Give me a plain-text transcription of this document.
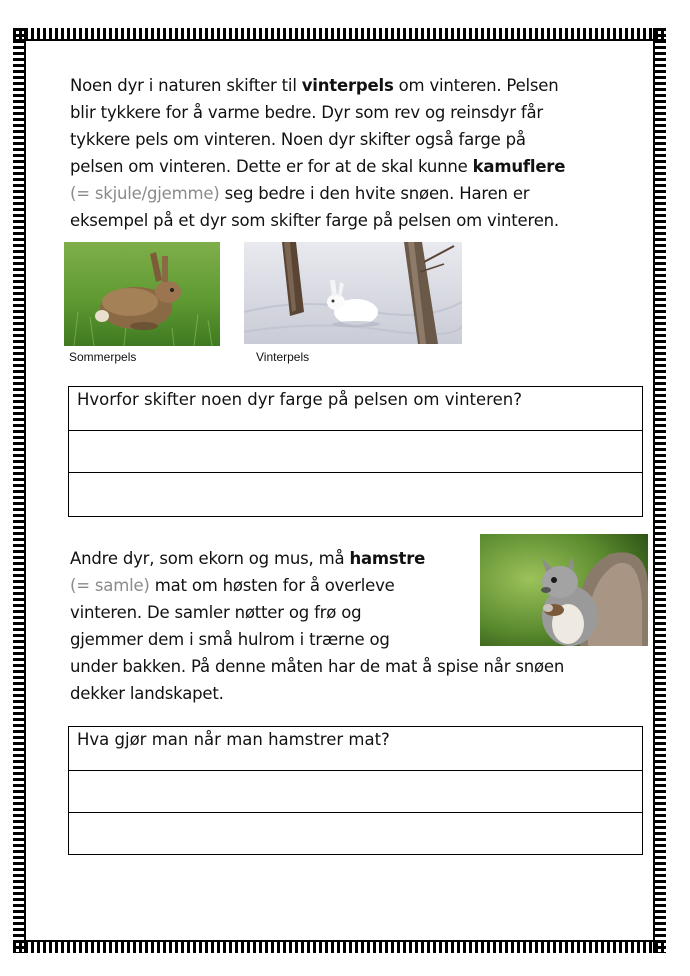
Noen dyr i naturen skifter til vinterpels om vinteren. Pelsen
blir tykkere for å varme bedre. Dyr som rev og reinsdyr får
tykkere pels om vinteren. Noen dyr skifter også farge på
pelsen om vinteren. Dette er for at de skal kunne kamuflere
(= skjule/gjemme) seg bedre i den hvite snøen. Haren er
eksempel på et dyr som skifter farge på pelsen om vinteren.
Sommerpels	Vinterpels
Hvorfor skifter noen dyr farge på pelsen om vinteren?

Andre dyr, som ekorn og mus, må hamstre
(= samle) mat om høsten for å overleve
vinteren. De samler nøtter og frø og
gjemmer dem i små hulrom i trærne og
under bakken. På denne måten har de mat å spise når snøen
dekker landskapet.
Hva gjør man når man hamstrer mat?
